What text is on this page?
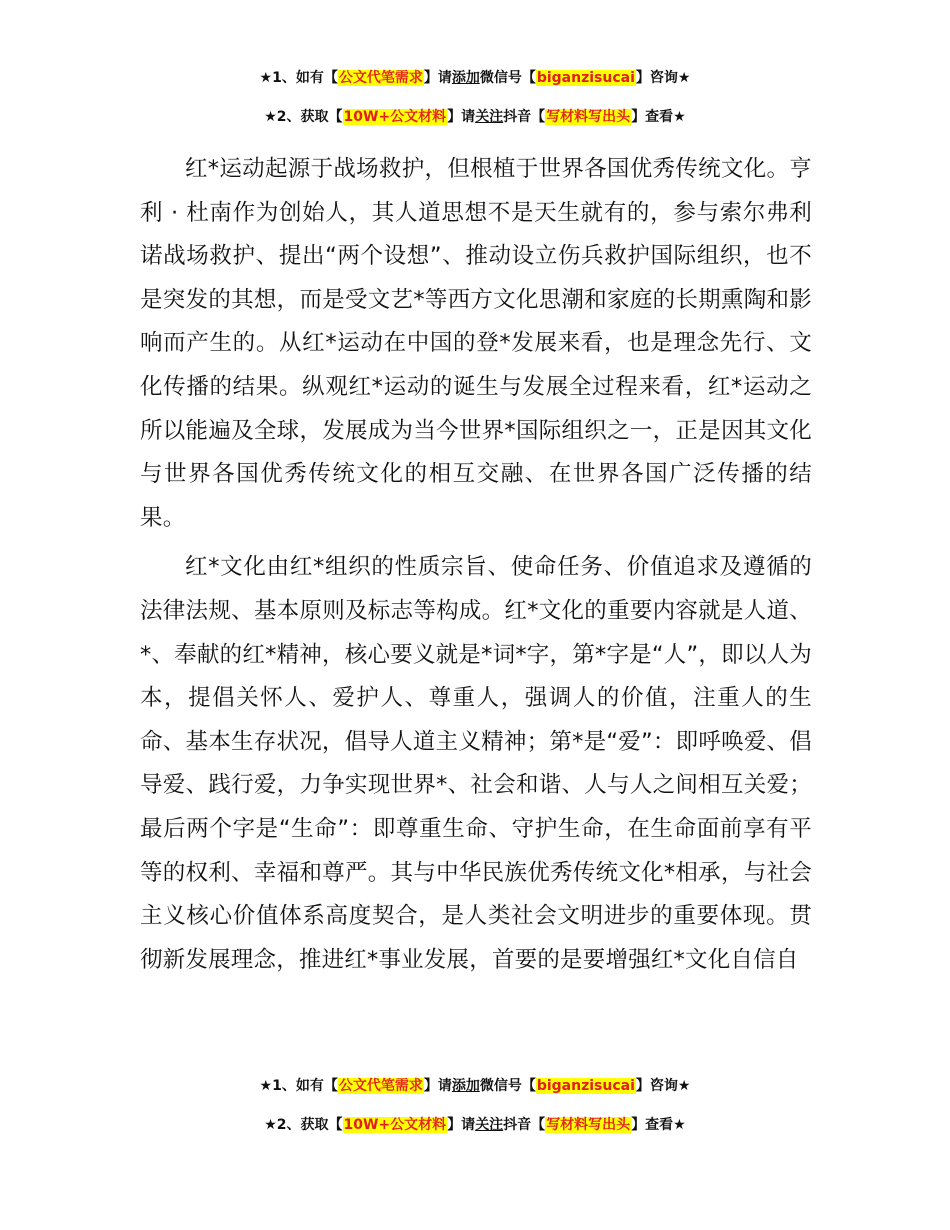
★1、如有【公文代笔需求】请添加微信号【biganzisucai】咨询★
★2、获取【10W+公文材料】请关注抖音【写材料写出头】查看★

红*运动起源于战场救护，但根植于世界各国优秀传统文化。亨利 · 杜南作为创始人，其人道思想不是天生就有的，参与索尔弗利诺战场救护、提出“两个设想”、推动设立伤兵救护国际组织，也不是突发的其想，而是受文艺*等西方文化思潮和家庭的长期熏陶和影响而产生的。从红*运动在中国的登*发展来看，也是理念先行、文化传播的结果。纵观红*运动的诞生与发展全过程来看，红*运动之所以能遍及全球，发展成为当今世界*国际组织之一，正是因其文化与世界各国优秀传统文化的相互交融、在世界各国广泛传播的结果。

红*文化由红*组织的性质宗旨、使命任务、价值追求及遵循的法律法规、基本原则及标志等构成。红*文化的重要内容就是人道、*、奉献的红*精神，核心要义就是*词*字，第*字是“人”，即以人为本，提倡关怀人、爱护人、尊重人，强调人的价值，注重人的生命、基本生存状况，倡导人道主义精神；第*是“爱”：即呼唤爱、倡导爱、践行爱，力争实现世界*、社会和谐、人与人之间相互关爱；最后两个字是“生命”：即尊重生命、守护生命，在生命面前享有平等的权利、幸福和尊严。其与中华民族优秀传统文化*相承，与社会主义核心价值体系高度契合，是人类社会文明进步的重要体现。贯彻新发展理念，推进红*事业发展，首要的是要增强红*文化自信自

★1、如有【公文代笔需求】请添加微信号【biganzisucai】咨询★
★2、获取【10W+公文材料】请关注抖音【写材料写出头】查看★
